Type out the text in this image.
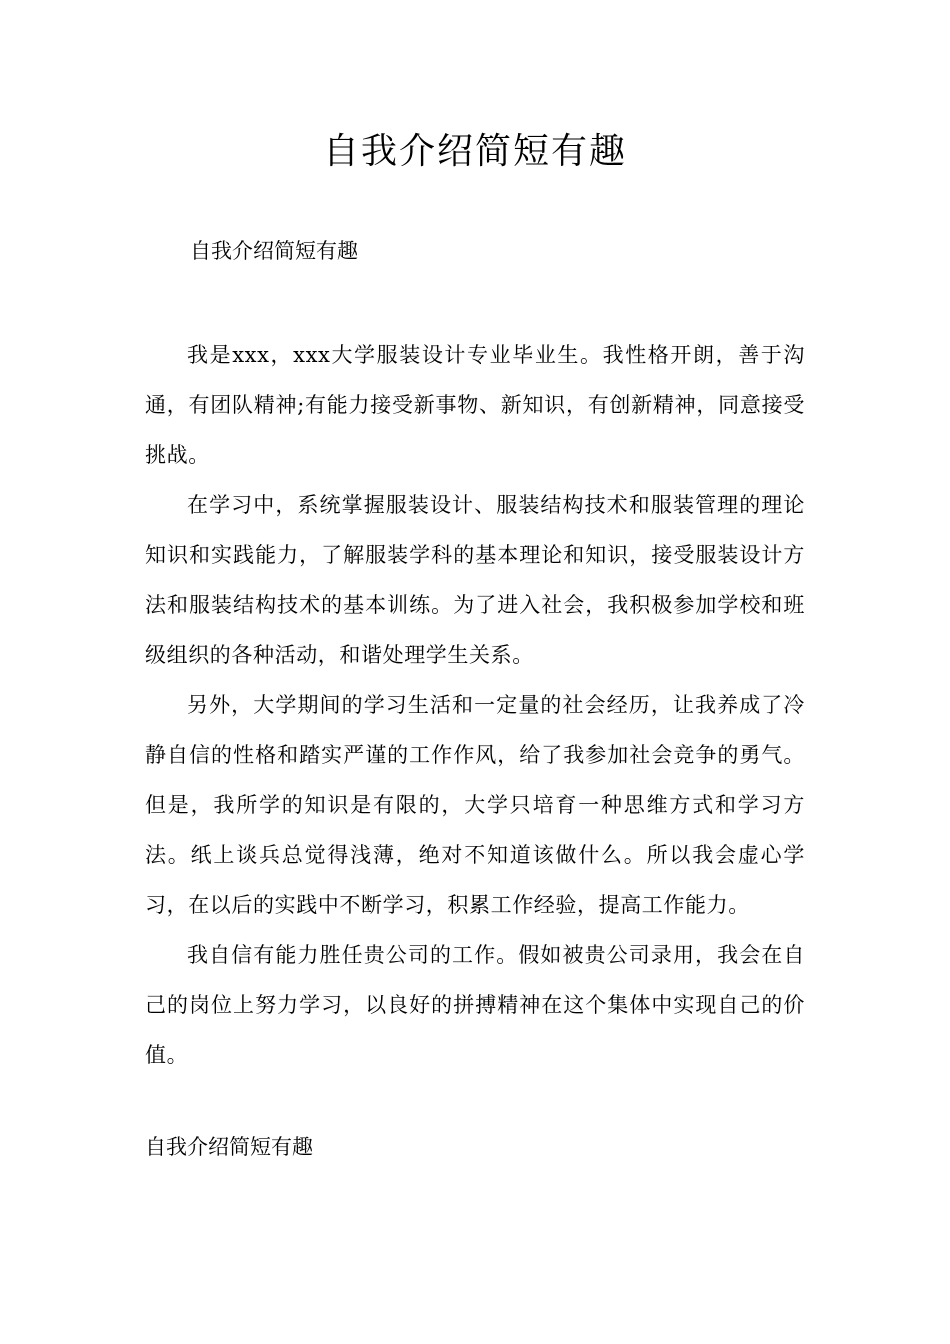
自我介绍简短有趣

自我介绍简短有趣

我是xxx，xxx大学服装设计专业毕业生。我性格开朗，善于沟通，有团队精神;有能力接受新事物、新知识，有创新精神，同意接受挑战。

在学习中，系统掌握服装设计、服装结构技术和服装管理的理论知识和实践能力，了解服装学科的基本理论和知识，接受服装设计方法和服装结构技术的基本训练。为了进入社会，我积极参加学校和班级组织的各种活动，和谐处理学生关系。

另外，大学期间的学习生活和一定量的社会经历，让我养成了冷静自信的性格和踏实严谨的工作作风，给了我参加社会竞争的勇气。但是，我所学的知识是有限的，大学只培育一种思维方式和学习方法。纸上谈兵总觉得浅薄，绝对不知道该做什么。所以我会虚心学习，在以后的实践中不断学习，积累工作经验，提高工作能力。

我自信有能力胜任贵公司的工作。假如被贵公司录用，我会在自己的岗位上努力学习，以良好的拼搏精神在这个集体中实现自己的价值。

自我介绍简短有趣
